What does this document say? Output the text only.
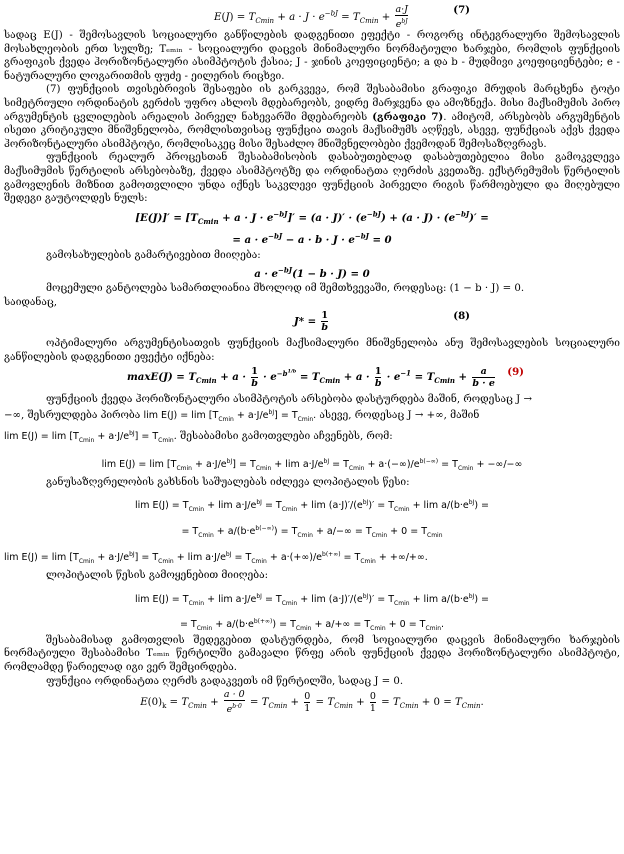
$E(J) = T_{Cmin} + a \cdot J \cdot e^{-bJ} = T_{Cmin} + \frac{a\cdot J}{e^{bJ}}$	(7)

სადაც E(J) - შემოსავლის სოციალური განწილების დადგენითი ეფექტი - როგორც ინტეგრალური შემოსავლის მოსახლეობის ერთ სულზე; Tₑₘᵢₙ - სოციალური დაცვის მინიმალური ნორმატიული ხარჯები, რომლის ფუნქციის გრაფიკის ქვედა ჰორიზონტალური ასიმპტოტის ქასია; J - ჯინის კოეფიციენტი; a და b - მუდმივი კოეფიციენტები; e - ნატურალური ლოგარითმის ფუძე - ეილერის რიცხვი.

(7) ფუნქციის თვისებრივის შესაფები ის გარკვევა, რომ შესაბამისი გრაფიკი მრუდის მარცხენა ტოტი სიმეტრიული ორდინატის გერძის უფრო ახლოს მდებარეობს, ვიდრე მარჯვენა და ამოზნექა. მისი მაქსიმუმის პირო არგუმენტის ცვლილების არეალის პირველ ნახევარში მდებარეობს (გრაფიკი 7). ამიტომ, არსებობს არგუმენტის ისეთი კრიტიკული მნიშვნელობა, რომლისთვისაც ფუნქცია თავის მაქსიმუმს აღწევს, ასევე, ფუნქციას აქვს ქვედა ჰორიზონტალური ასიმპტოტი, რომლისაკეც მისი შესაძლო მნიშვნელობები ქვემოდან შემოსაზღვრავს.

ფუნქციის რეალურ პროცესთან შესაბამისობის დასაბუთებლად დასაბუთებელია მისი გამოკვლევა მაქსიმუმის წერტილის არსებობაზე, ქვედა ასიმპტოტზე და ორდინატთა ღერძის კვეთაზე. ექსტრემუმის წერტილის გამოვლენის მიზნით გამოთვლილი უნდა იქნეს საკვლევი ფუნქციის პირველი რიგის წარმოებული და მიღებული შედეგი გაუტოლდეს ნულს:

$[E(J)]' = [T_{Cmin} + a \cdot J \cdot e^{-bJ}]' = (a \cdot J)' \cdot (e^{-bJ}) + (a \cdot J) \cdot (e^{-bJ})'$ =
= $a \cdot e^{-bJ} - a \cdot b \cdot J \cdot e^{-bJ} = 0$

გამოსახულების გამარტივებით მიიღება:

$a \cdot e^{-bJ}(1 - b \cdot J) = 0$

მოცემული განტოლება სამართლიანია მხოლოდ იმ შემთხვევაში, როდესაც: (1 − b · J) = 0.

საიდანაც,

$J* = \frac{1}{b}$	(8)

ოპტიმალური არგუმენტისათვის ფუნქციის მაქსიმალური მნიშვნელობა ანუ შემოსავლების სოციალური განწილების დადგენითი ეფექტი იქნება:

$\max E(J) = T_{Cmin} + a \cdot \frac{1}{b} \cdot e^{-b^{1/b}} = T_{Cmin} + a \cdot \frac{1}{b} \cdot e^{-1} = T_{Cmin} + \frac{a}{b \cdot e} (9)$

ფუნქციის ქვედა ჰორიზონტალური ასიმპტოტის არსებობა დასტურდება მაშინ, როდესაც J →

−∞, შესრულდება პირობა $\lim E(J) = \lim [T_{Cmin} + a\cdot J/e^{bJ}] = T_{Cmin}$. ასევე, როდესაც J → +∞, მაშინ

$\lim E(J) = \lim [T_{Cmin} + a\cdot J/e^{bJ}] = T_{Cmin}$. შესაბამისი გამოთვლები აჩვენებს, რომ:

$\lim E(J) = \lim [T_{Cmin} + a\cdot J/e^{bJ}] = T_{Cmin} + \lim a\cdot J/e^{bJ} = T_{Cmin} + a\cdot(-\infty)/e^{b(-\infty)} = T_{Cmin}$ + −∞/−∞

განუსაზღვრელობის გახსნის საშუალებას იძლევა ლოპიტალის წესი:

$\lim E(J) = T_{Cmin} + \lim a\cdot J/e^{bJ} = T_{Cmin} + \lim (a\cdot J)'/(e^{bJ})' = T_{Cmin} + \lim a/(b\cdot e^{bJ})$ =
= $T_{Cmin} + a/(b\cdot e^{b(-\infty)}) = T_{Cmin} + a/-\infty = T_{Cmin} + 0 = T_{Cmin}$
$\lim E(J) = \lim [T_{Cmin} + a\cdot J/e^{bJ}] = T_{Cmin} + \lim a\cdot J/e^{bJ} = T_{Cmin} + a\cdot(+\infty)/e^{b(+\infty)} = T_{Cmin}$ + +∞/+∞.

ლოპიტალის წესის გამოყენებით მიიღება:

$\lim E(J) = T_{Cmin} + \lim a\cdot J/e^{bJ} = T_{Cmin} + \lim (a\cdot J)'/(e^{bJ})' = T_{Cmin} + \lim a/(b\cdot e^{bJ})$ =
= $T_{Cmin} + a/(b\cdot e^{b(+\infty)}) = T_{Cmin} + a/+\infty = T_{Cmin} + 0 = T_{Cmin}$.

შესაბამისად გამოთვლის შედეგებით დასტურდება, რომ სოციალური დაცვის მინიმალური ხარჯების ნორმატიული შესაბამისი Tₑₘᵢₙ წერტილში გამავალი წრფე არის ფუნქციის ქვედა ჰორიზონტალური ასიმპტოტი, რომლამდე წარიელად იგი ვერ შემცირდება.

ფუნქცია ორდინატთა ღერძს გადაკვეთს იმ წერტილში, სადაც J = 0.

$E(0)_k = T_{Cmin} + \frac{a \cdot 0}{e^{b\cdot 0}} = T_{Cmin} + \frac{0}{1} = T_{Cmin} + \frac{0}{1} = T_{Cmin} + 0 = T_{Cmin}$.
